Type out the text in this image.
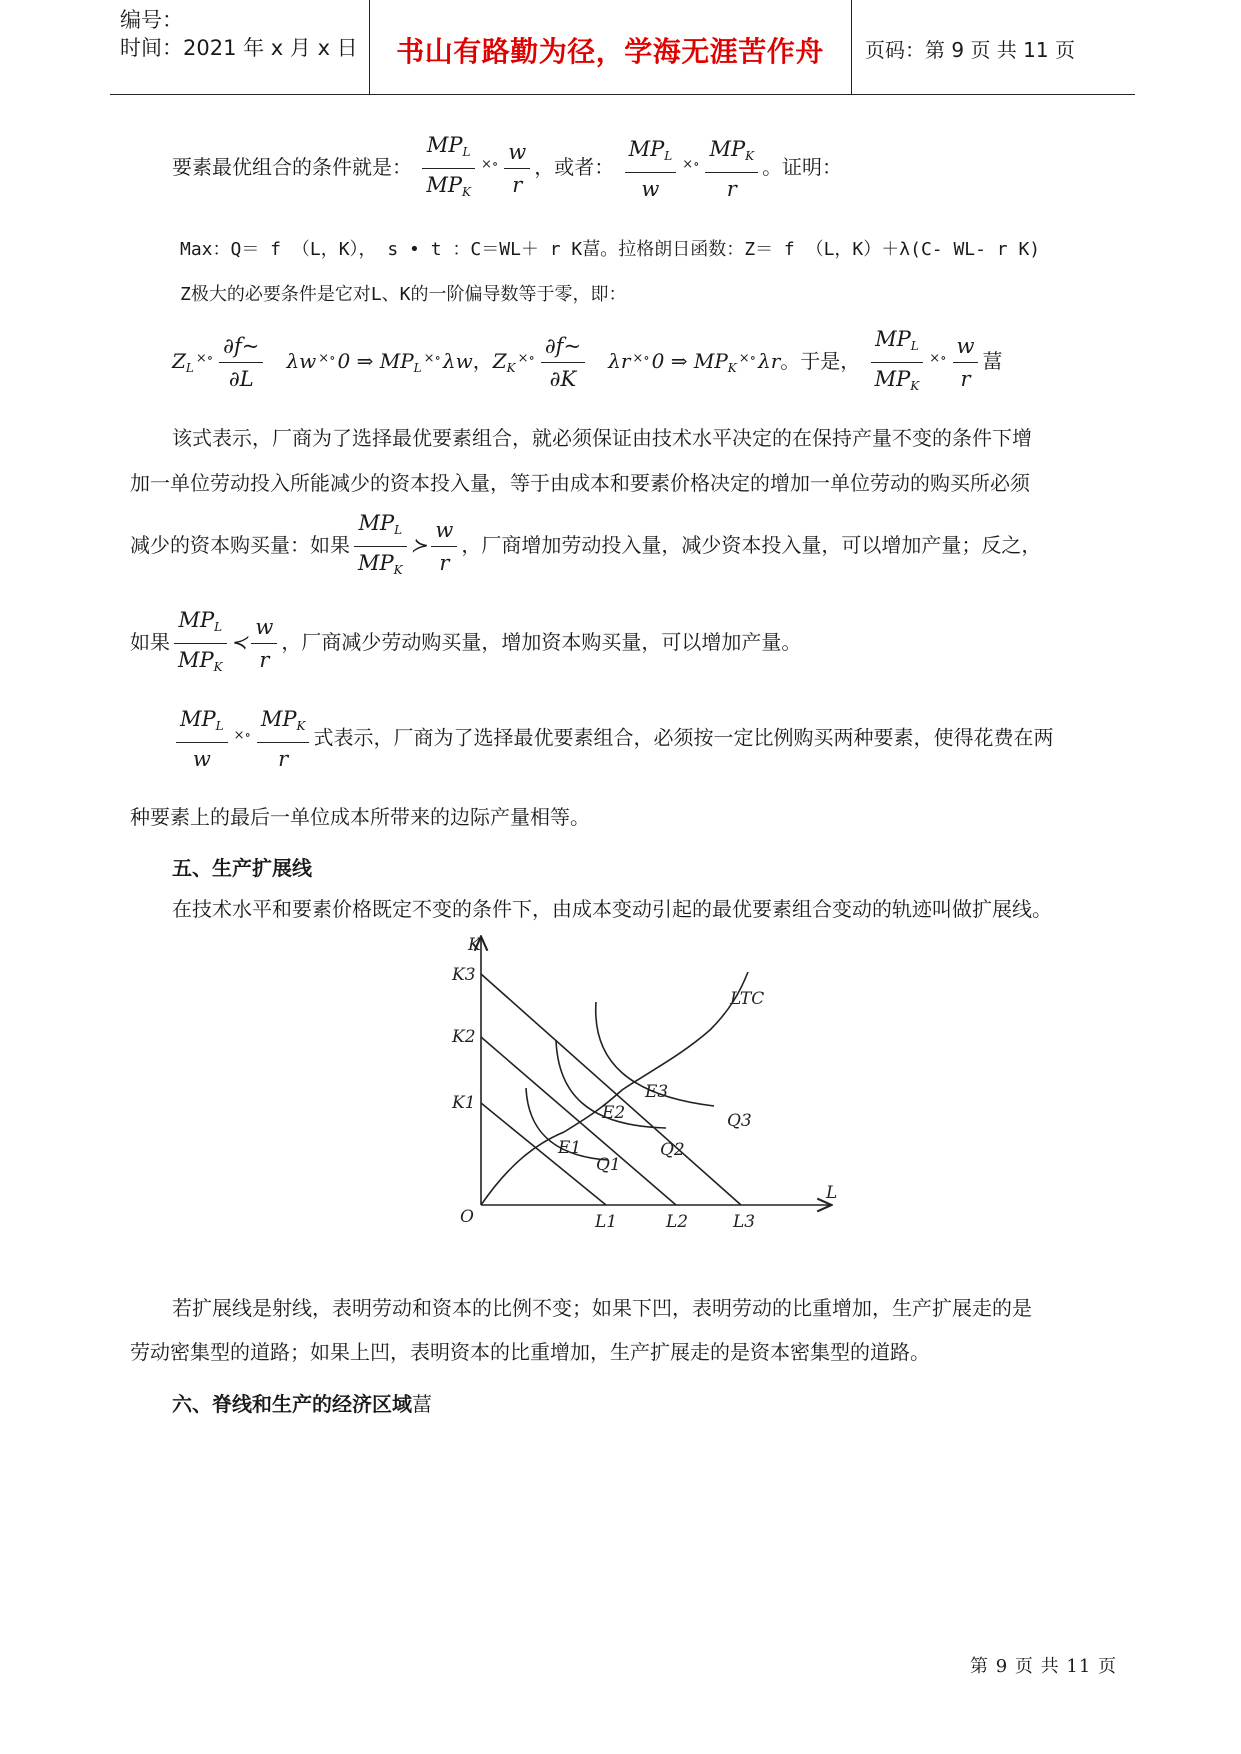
编号：
时间：2021 年 x 月 x 日	书山有路勤为径，学海无涯苦作舟	页码：第 9 页 共 11 页
要素最优组合的条件就是： $\frac{MP_L}{MP_K} ^{\times\circ} \frac{w}{r}$ ，或者： $\frac{MP_L}{w} ^{\times\circ} \frac{MP_K}{r}$ 。证明：
Max：Q＝ f （L，K）， s • t ：C＝WL＋ r K葍。拉格朗日函数：Z＝ f （L，K）＋λ(C- WL- r K)
Z极大的必要条件是它对L、K的一阶偏导数等于零，即：
$Z_L^{\times\circ} \frac{\partial f\sim}{\partial L}$ λw ×∘ 0 ⇒ $MP_L^{\times\circ}$ λw，$Z_K^{\times\circ} \frac{\partial f\sim}{\partial K}$ λr ×∘ 0 ⇒ $MP_K^{\times\circ}$ λr。于是， $\frac{MP_L}{MP_K} ^{\times\circ} \frac{w}{r}$ 葍
该式表示，厂商为了选择最优要素组合，就必须保证由技术水平决定的在保持产量不变的条件下增
加一单位劳动投入所能减少的资本投入量，等于由成本和要素价格决定的增加一单位劳动的购买所必须
减少的资本购买量：如果 $\frac{MP_L}{MP_K}$ ≻ $\frac{w}{r}$ ，厂商增加劳动投入量，减少资本投入量，可以增加产量；反之，
如果 $\frac{MP_L}{MP_K}$ ≺ $\frac{w}{r}$ ，厂商减少劳动购买量，增加资本购买量，可以增加产量。
$\frac{MP_L}{w} ^{\times\circ} \frac{MP_K}{r}$ 式表示，厂商为了选择最优要素组合，必须按一定比例购买两种要素，使得花费在两
种要素上的最后一单位成本所带来的边际产量相等。
五、生产扩展线
在技术水平和要素价格既定不变的条件下，由成本变动引起的最优要素组合变动的轨迹叫做扩展线。
K
L
O
K1
K2
K3
L1	L2	L3
Q1
Q2
Q3
E1
E2
E3
LTC
若扩展线是射线，表明劳动和资本的比例不变；如果下凹，表明劳动的比重增加，生产扩展走的是
劳动密集型的道路；如果上凹，表明资本的比重增加，生产扩展走的是资本密集型的道路。
六、脊线和生产的经济区域葍
第 9 页 共 11 页
